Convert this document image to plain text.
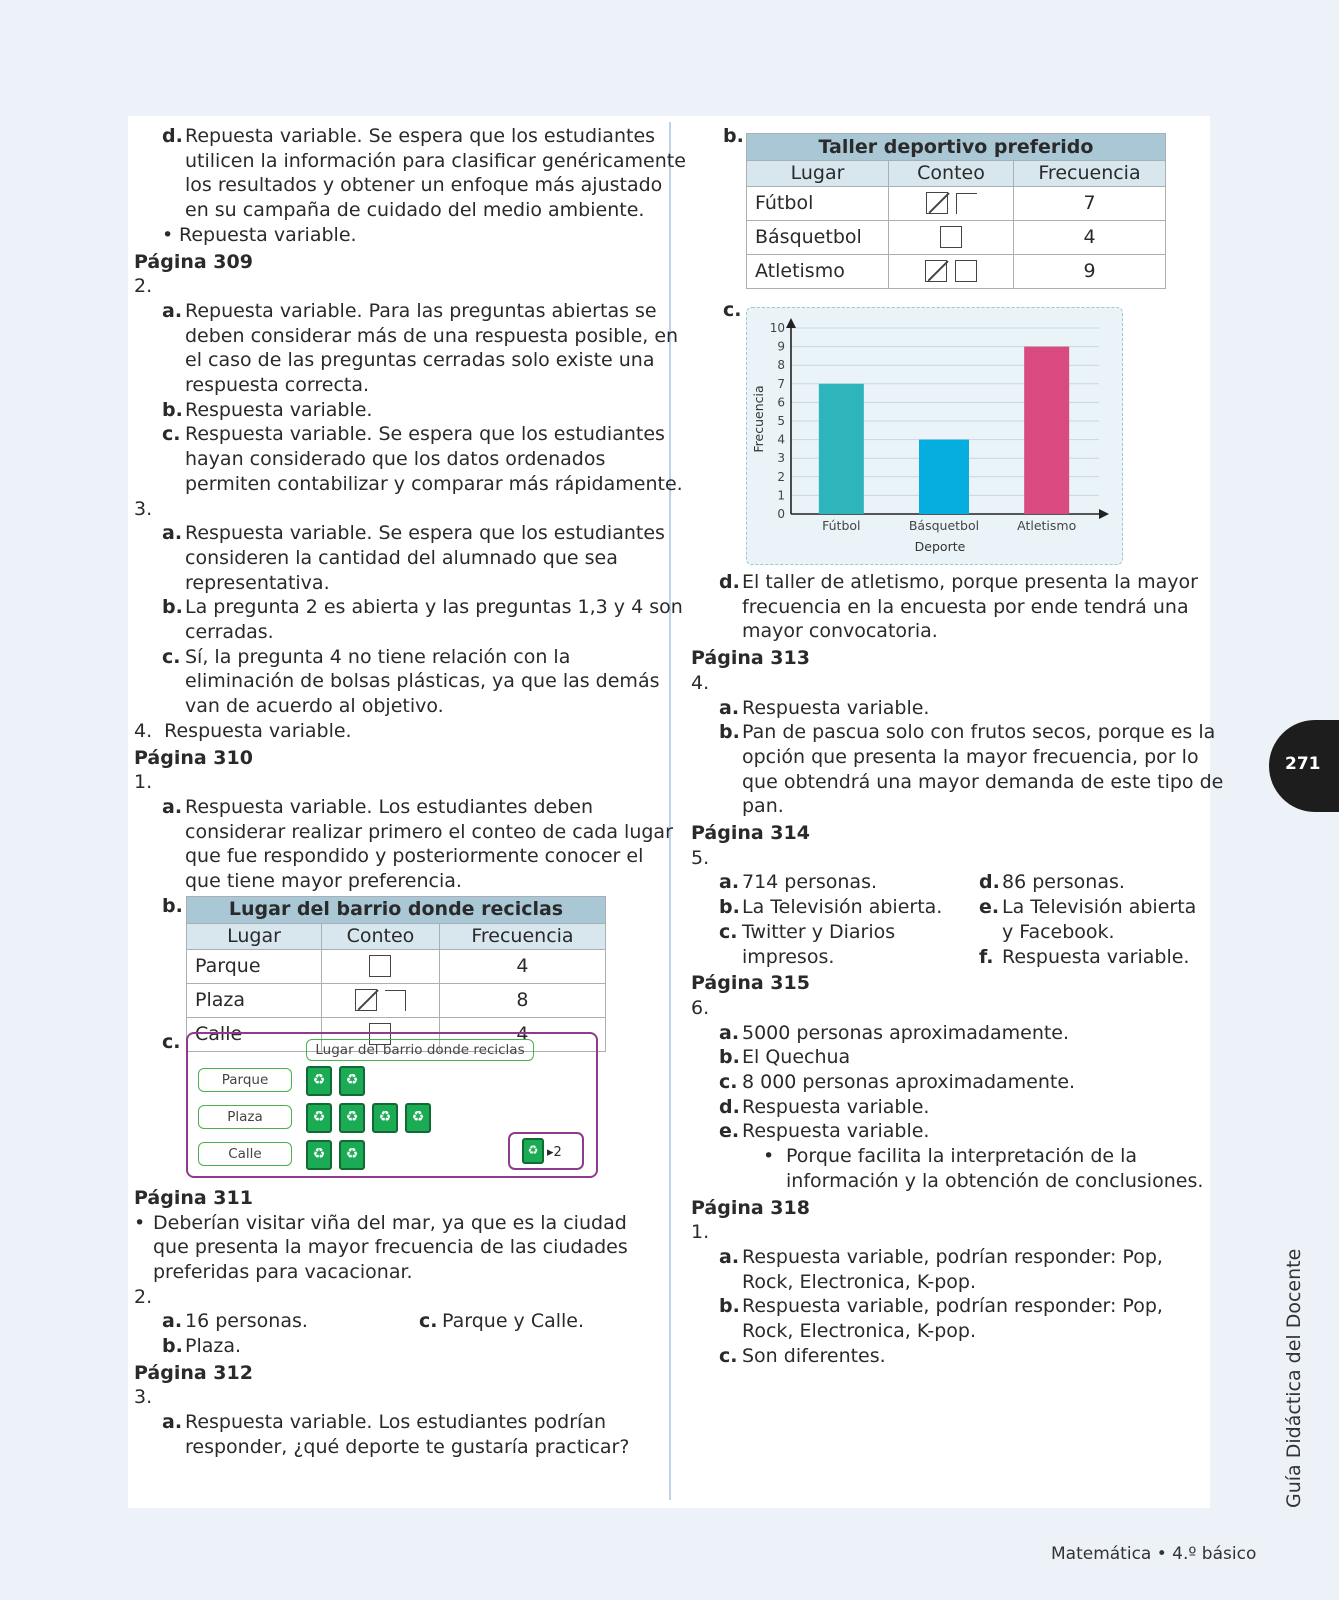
d. Repuesta variable. Se espera que los estudiantes
utilicen la información para clasificar genéricamente
los resultados y obtener un enfoque más ajustado
en su campaña de cuidado del medio ambiente.
• Repuesta variable.
Página 309
2.
a. Repuesta variable. Para las preguntas abiertas se
deben considerar más de una respuesta posible, en
el caso de las preguntas cerradas solo existe una
respuesta correcta.
b. Respuesta variable.
c. Respuesta variable. Se espera que los estudiantes
hayan considerado que los datos ordenados
permiten contabilizar y comparar más rápidamente.
3.
a. Respuesta variable. Se espera que los estudiantes
consideren la cantidad del alumnado que sea
representativa.
b. La pregunta 2 es abierta y las preguntas 1,3 y 4 son
cerradas.
c. Sí, la pregunta 4 no tiene relación con la
eliminación de bolsas plásticas, ya que las demás
van de acuerdo al objetivo.
4. Respuesta variable.
Página 310
1.
a. Respuesta variable. Los estudiantes deben
considerar realizar primero el conteo de cada lugar
que fue respondido y posteriormente conocer el
que tiene mayor preferencia.
b. Lugar del barrio donde reciclas		
Lugar	Conteo	Frecuencia
Parque		4
Plaza		8
Calle		4
c.	Lugar del barrio donde reciclas
Parque	♻	♻
Plaza	♻	♻	♻	♻
Calle	♻	♻	♻ ▸2
Página 311
• Deberían visitar viña del mar, ya que es la ciudad
que presenta la mayor frecuencia de las ciudades
preferidas para vacacionar.
2.
a. 16 personas.	c. Parque y Calle.
b. Plaza.
Página 312
3.
a. Respuesta variable. Los estudiantes podrían
responder, ¿qué deporte te gustaría practicar?
b.	Taller deportivo preferido		
Lugar	Conteo	Frecuencia
Fútbol		7
Básquetbol		4
Atletismo		9
c.
0
1
2
3
4
5
6
7
8
9
10
Fútbol	Básquetbol	Atletismo
Deporte
Frecuencia
d. El taller de atletismo, porque presenta la mayor
frecuencia en la encuesta por ende tendrá una
mayor convocatoria.
Página 313
4.
a. Respuesta variable.
b. Pan de pascua solo con frutos secos, porque es la
opción que presenta la mayor frecuencia, por lo
que obtendrá una mayor demanda de este tipo de
pan.
Página 314
5.
a. 714 personas.	d. 86 personas.
b. La Televisión abierta. e. La Televisión abierta
c. Twitter y Diarios	y Facebook.
impresos.	f. Respuesta variable.
Página 315
6.
a. 5000 personas aproximadamente.
b. El Quechua
c. 8 000 personas aproximadamente.
d. Respuesta variable.
e. Respuesta variable.
• Porque facilita la interpretación de la
información y la obtención de conclusiones.
Página 318
1.
a. Respuesta variable, podrían responder: Pop,
Rock, Electronica, K-pop.
b. Respuesta variable, podrían responder: Pop,
Rock, Electronica, K-pop.
c. Son diferentes.
271
Guía Didáctica del Docente
Matemática • 4.º básico
